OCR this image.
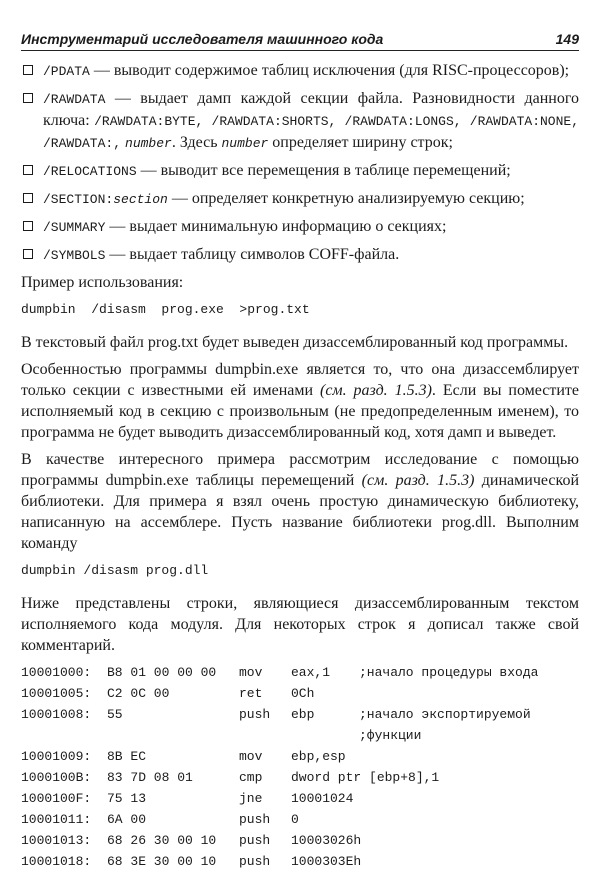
Инструментарий исследователя машинного кода	149
/PDATA — выводит содержимое таблиц исключения (для RISC-процессоров);
/RAWDATA — выдает дамп каждой секции файла. Разновидности данного ключа: /RAWDATA:BYTE, /RAWDATA:SHORTS, /RAWDATA:LONGS, /RAWDATA:NONE, /RAWDATA:, number. Здесь number определяет ширину строк;
/RELOCATIONS — выводит все перемещения в таблице перемещений;
/SECTION:section — определяет конкретную анализируемую секцию;
/SUMMARY — выдает минимальную информацию о секциях;
/SYMBOLS — выдает таблицу символов COFF-файла.

Пример использования:

dumpbin  /disasm  prog.exe  >prog.txt

В текстовый файл prog.txt будет выведен дизассемблированный код программы.

Особенностью программы dumpbin.exe является то, что она дизассемблирует только секции с известными ей именами (см. разд. 1.5.3). Если вы поместите исполняемый код в секцию с произвольным (не предопределенным именем), то программа не будет выводить дизассемблированный код, хотя дамп и выведет.

В качестве интересного примера рассмотрим исследование с помощью программы dumpbin.exe таблицы перемещений (см. разд. 1.5.3) динамической библиотеки. Для примера я взял очень простую динамическую библиотеку, написанную на ассемблере. Пусть название библиотеки prog.dll. Выполним команду

dumpbin /disasm prog.dll

Ниже представлены строки, являющиеся дизассемблированным текстом исполняемого кода модуля. Для некоторых строк я дописал также свой комментарий.

10001000: B8 01 00 00 00 mov eax,1 ;начало процедуры входа
10001005: C2 0C 00	ret 0Ch
10001008: 55	push ebp	;начало экспортируемой
;функции
10001009: 8B EC	mov ebp,esp
1000100B: 83 7D 08 01	cmp dword ptr [ebp+8],1
1000100F: 75 13	jne 10001024
10001011: 6A 00	push 0
10001013: 68 26 30 00 10 push 10003026h
10001018: 68 3E 30 00 10 push 1000303Eh
